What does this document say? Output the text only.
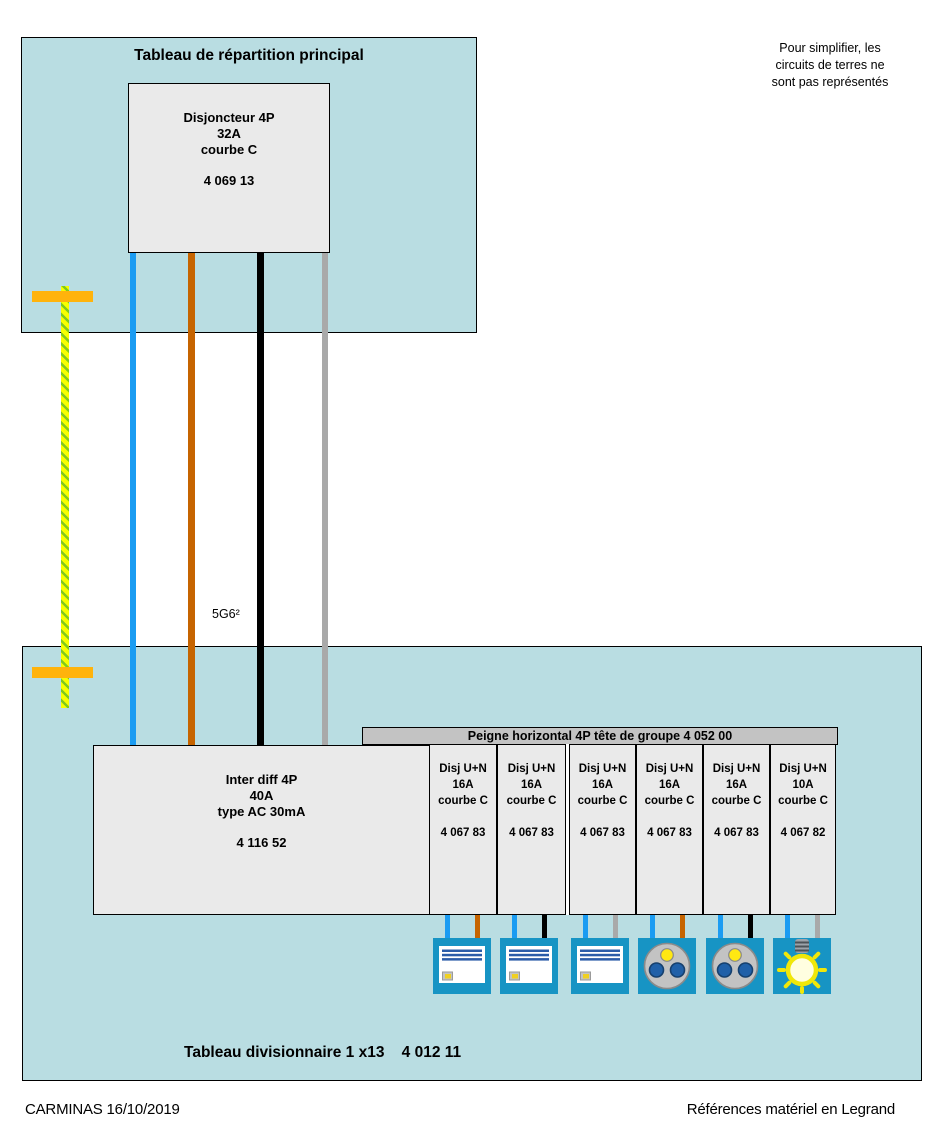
Pour simplifier, les
circuits de terres ne
sont pas représentés
Tableau de répartition principal
5G6²
Disjoncteur 4P
32A
courbe C
4 069 13
Peigne horizontal 4P tête de groupe 4 052 00
Inter diff 4P
40A
type AC 30mA
4 116 52
Disj U+N
16A
courbe C
4 067 83
Disj U+N
16A
courbe C
4 067 83
Disj U+N
16A
courbe C
4 067 83
Disj U+N
16A
courbe C
4 067 83
Disj U+N
16A
courbe C
4 067 83
Disj U+N
10A
courbe C
4 067 82
Tableau divisionnaire 1 x13    4 012 11
CARMINAS 16/10/2019	Références matériel en Legrand
